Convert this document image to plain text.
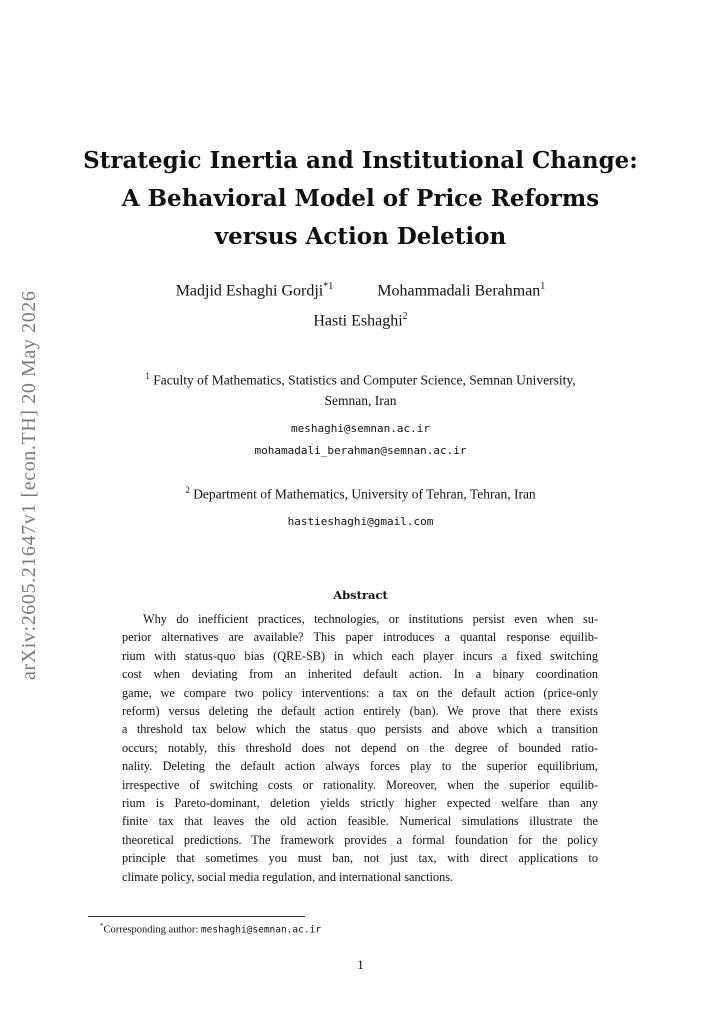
arXiv:2605.21647v1 [econ.TH] 20 May 2026
Strategic Inertia and Institutional Change:
A Behavioral Model of Price Reforms
versus Action Deletion
Madjid Eshaghi Gordji$^{*1}$	Mohammadali Berahman$^1$
Hasti Eshaghi$^2$
$^1$ Faculty of Mathematics, Statistics and Computer Science, Semnan University,
Semnan, Iran
meshaghi@semnan.ac.ir
mohamadali_berahman@semnan.ac.ir
$^2$ Department of Mathematics, University of Tehran, Tehran, Iran
hastieshaghi@gmail.com
Abstract
Why do inefficient practices, technologies, or institutions persist even when su-
perior alternatives are available? This paper introduces a quantal response equilib-
rium with status-quo bias (QRE-SB) in which each player incurs a fixed switching
cost when deviating from an inherited default action. In a binary coordination
game, we compare two policy interventions: a tax on the default action (price-only
reform) versus deleting the default action entirely (ban). We prove that there exists
a threshold tax below which the status quo persists and above which a transition
occurs; notably, this threshold does not depend on the degree of bounded ratio-
nality. Deleting the default action always forces play to the superior equilibrium,
irrespective of switching costs or rationality. Moreover, when the superior equilib-
rium is Pareto-dominant, deletion yields strictly higher expected welfare than any
finite tax that leaves the old action feasible. Numerical simulations illustrate the
theoretical predictions. The framework provides a formal foundation for the policy
principle that sometimes you must ban, not just tax, with direct applications to
climate policy, social media regulation, and international sanctions.
*Corresponding author: meshaghi@semnan.ac.ir
1
